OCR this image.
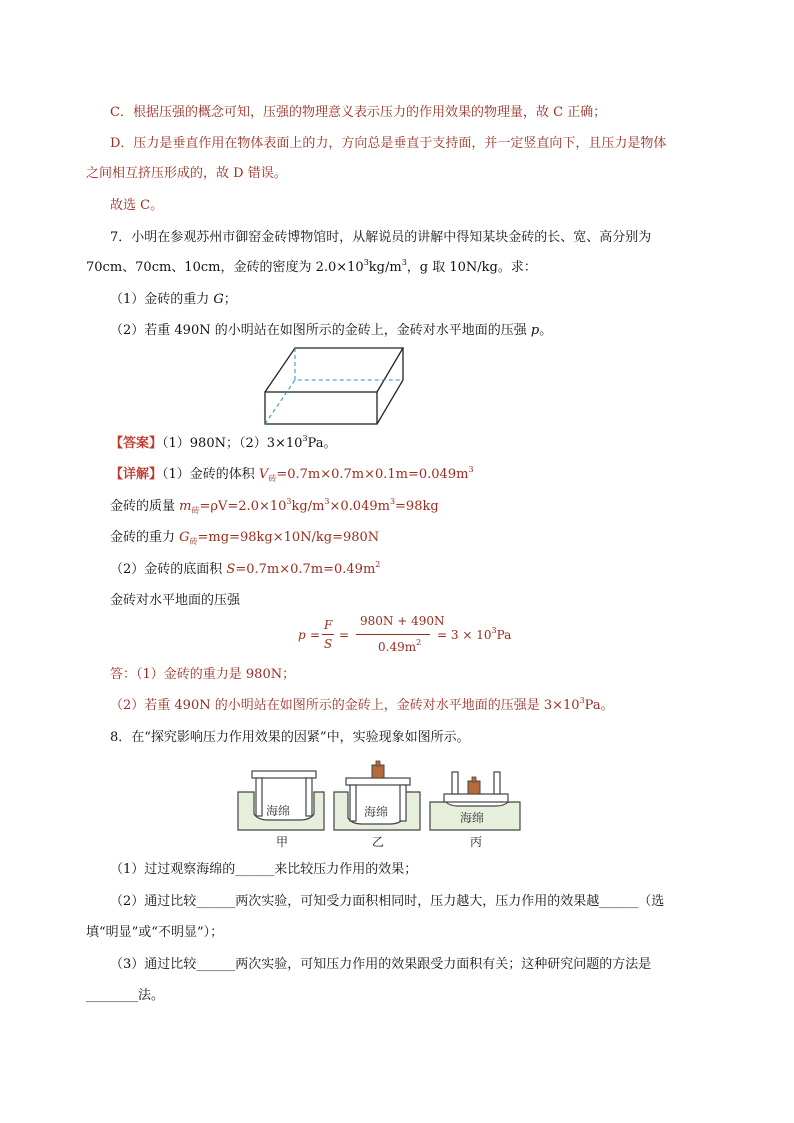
C．根据压强的概念可知，压强的物理意义表示压力的作用效果的物理量，故 C 正确；
D．压力是垂直作用在物体表面上的力，方向总是垂直于支持面，并一定竖直向下，且压力是物体
之间相互挤压形成的，故 D 错误。
故选 C。
7．小明在参观苏州市御窑金砖博物馆时，从解说员的讲解中得知某块金砖的长、宽、高分别为
70cm、70cm、10cm，金砖的密度为 $2.0\times 10^3kg/m^3$，g 取 10N/kg。求：
（1）金砖的重力 G；
（2）若重 490N 的小明站在如图所示的金砖上，金砖对水平地面的压强 p。
【答案】（1）980N；$(2)3\times 10^3Pa$。
【详解】（1）金砖的体积 $V_砖=0.7m\times 0.7m\times 0.1m=0.049m^3$
金砖的质量 $m_砖=\rho V=2.0\times 10^3kg/m^3\times 0.049m^3=98kg$
金砖的重力 $G_砖=mg=98kg\times 10N/kg=980N$
（2）金砖的底面积 $S=0.7m\times 0.7m=0.49m^2$
金砖对水平地面的压强
p =
F
S
=
980N + 490N
$0.49m^2$
= $3 \times 10^3Pa$
答：（1）金砖的重力是 980N；
（2）若重 490N 的小明站在如图所示的金砖上，金砖对水平地面的压强是 $3\times 10^3Pa$。
8．在“探究影响压力作用效果的因紧”中，实验现象如图所示。
海绵	海绵	海绵
甲	乙	丙
（1）过过观察海绵的______来比较压力作用的效果；
（2）通过比较______两次实验，可知受力面积相同时，压力越大，压力作用的效果越______（选
填“明显”或“不明显”）；
（3）通过比较______两次实验，可知压力作用的效果跟受力面积有关；这种研究问题的方法是
________法。
